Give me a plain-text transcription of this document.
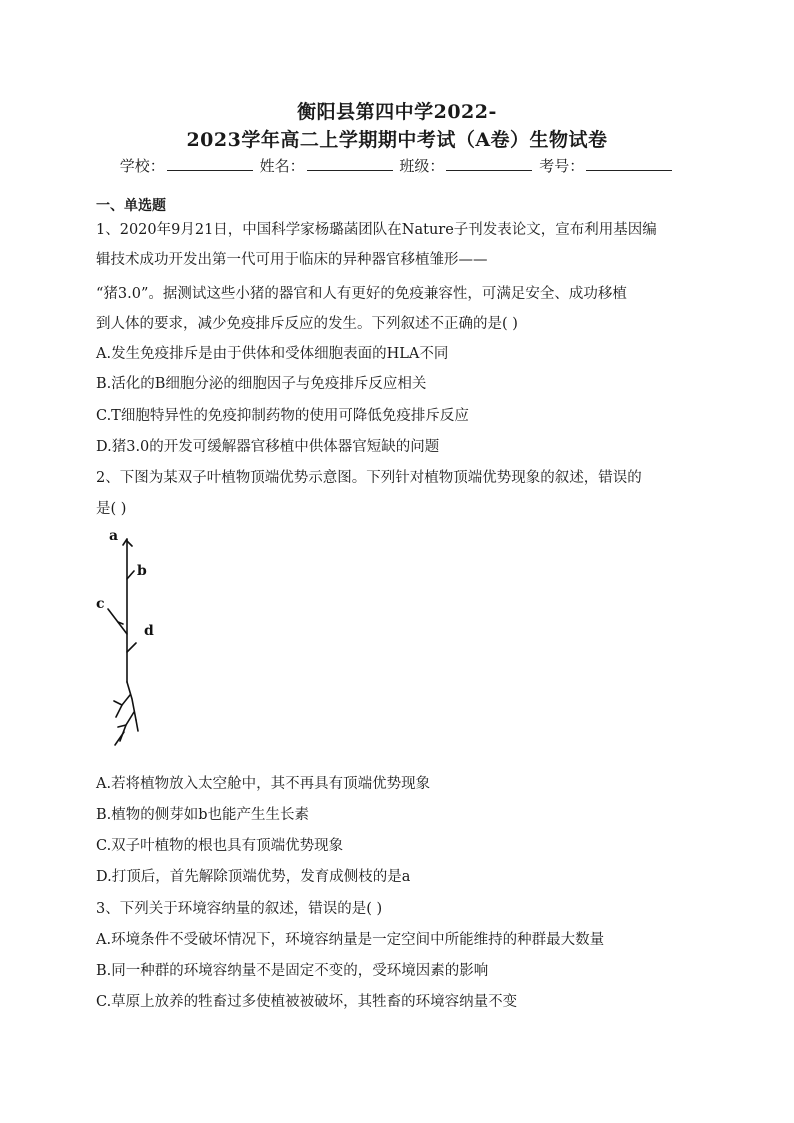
衡阳县第四中学2022-
2023学年高二上学期期中考试（A卷）生物试卷
学校：	姓名：	班级：	考号：
一、单选题
1、2020年9月21日，中国科学家杨璐菡团队在Nature子刊发表论文，宣布利用基因编
辑技术成功开发出第一代可用于临床的异种器官移植雏形——
“猪3.0”。据测试这些小猪的器官和人有更好的免疫兼容性，可满足安全、成功移植
到人体的要求，减少免疫排斥反应的发生。下列叙述不正确的是( )
A.发生免疫排斥是由于供体和受体细胞表面的HLA不同
B.活化的B细胞分泌的细胞因子与免疫排斥反应相关
C.T细胞特异性的免疫抑制药物的使用可降低免疫排斥反应
D.猪3.0的开发可缓解器官移植中供体器官短缺的问题
2、下图为某双子叶植物顶端优势示意图。下列针对植物顶端优势现象的叙述，错误的
是( )
a
b
c
d
A.若将植物放入太空舱中，其不再具有顶端优势现象
B.植物的侧芽如b也能产生生长素
C.双子叶植物的根也具有顶端优势现象
D.打顶后，首先解除顶端优势，发育成侧枝的是a
3、下列关于环境容纳量的叙述，错误的是( )
A.环境条件不受破坏情况下，环境容纳量是一定空间中所能维持的种群最大数量
B.同一种群的环境容纳量不是固定不变的，受环境因素的影响
C.草原上放养的牲畜过多使植被被破坏，其牲畜的环境容纳量不变
